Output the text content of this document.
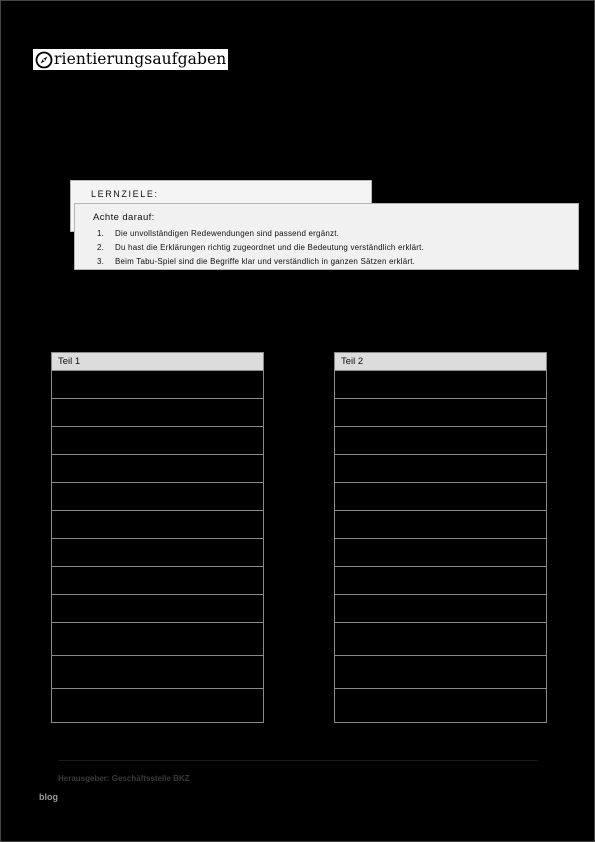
rientierungsaufgaben
LERNZIELE:
Achte darauf:
1.	Die unvollständigen Redewendungen sind passend ergänzt.
2.	Du hast die Erklärungen richtig zugeordnet und die Bedeutung verständlich erklärt.
3.	Beim Tabu-Spiel sind die Begriffe klar und verständlich in ganzen Sätzen erklärt.
Teil 1	Teil 2
Herausgeber: Geschäftsstelle BKZ
blog
